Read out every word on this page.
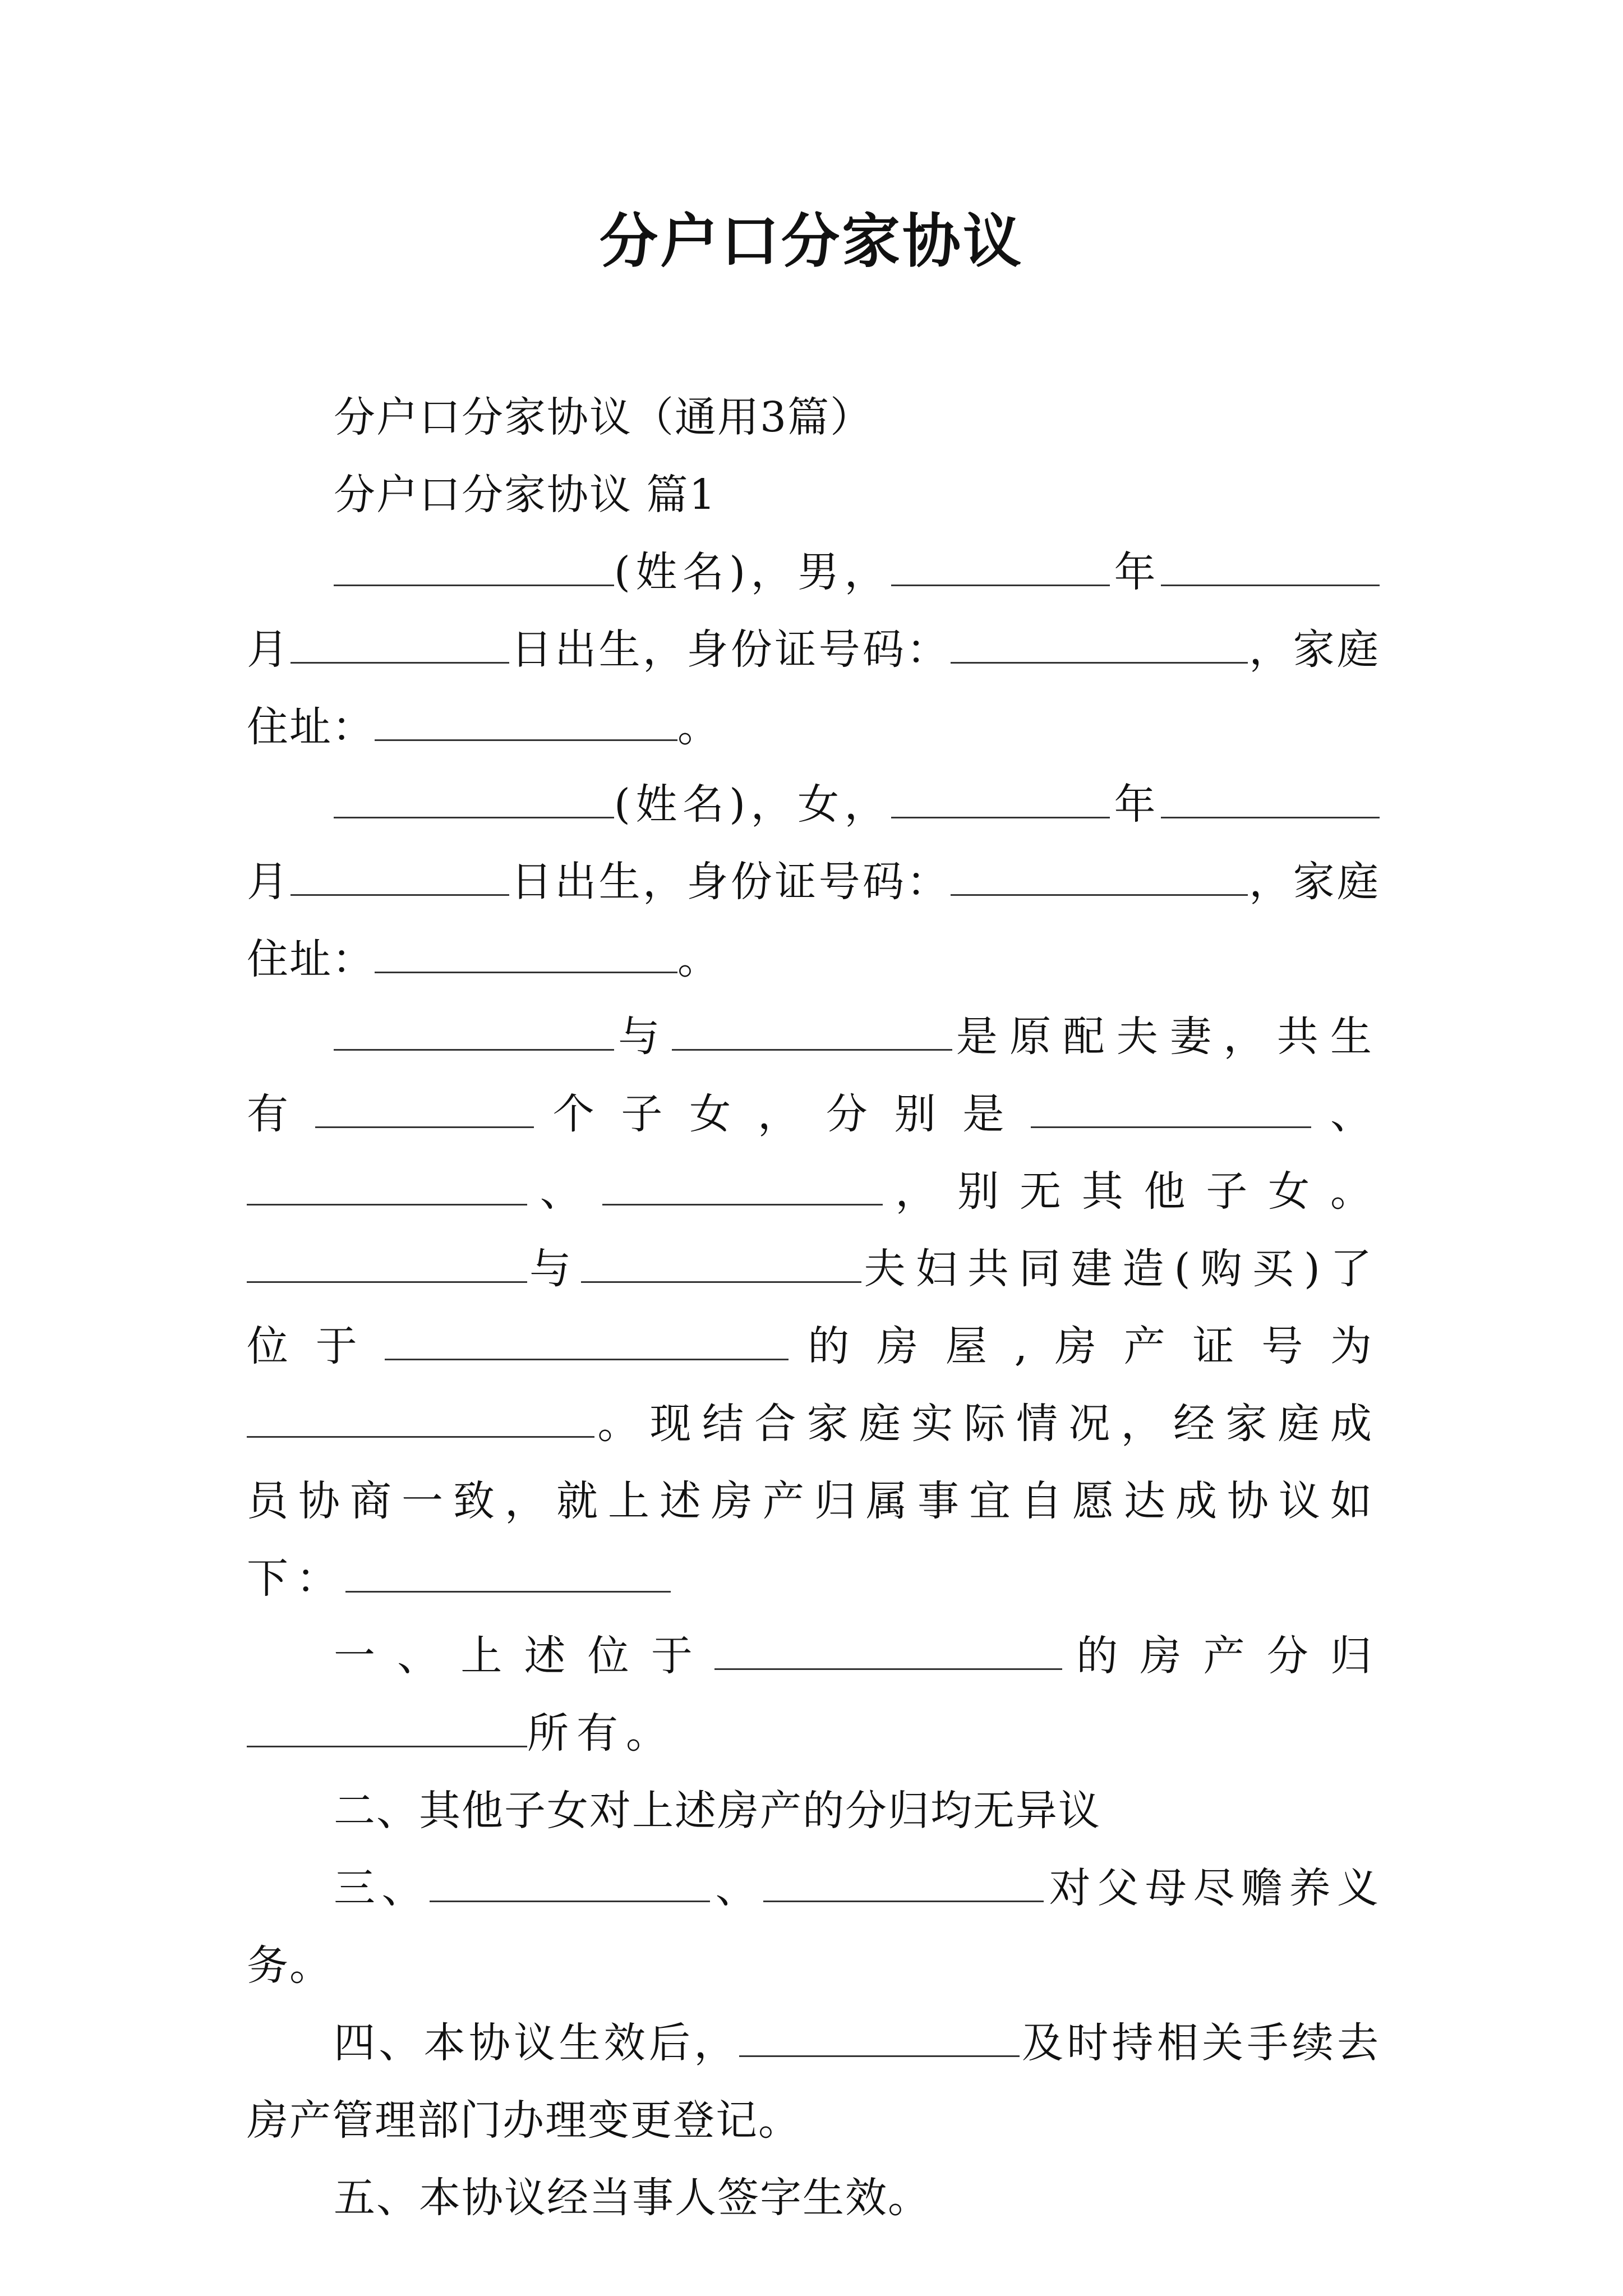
分户口分家协议

分户口分家协议（通用3篇）

分户口分家协议 篇1

(姓名)，男，	年月	日出生，身份证号码：	，家庭住址：	。

(姓名)，女，	年月	日出生，身份证号码：	，家庭住址：	。

与	是原配夫妻，共生有	个子女，分别是	、、	，别无其他子女。与	夫妇共同建造(购买)了位于	的房屋,房产证号为。现结合家庭实际情况，经家庭成员协商一致，就上述房产归属事宜自愿达成协议如下：

一、上述位于	的房产分归所有。

二、其他子女对上述房产的分归均无异议

三、	、	对父母尽赡养义务。

四、本协议生效后，	及时持相关手续去房产管理部门办理变更登记。

五、本协议经当事人签字生效。
